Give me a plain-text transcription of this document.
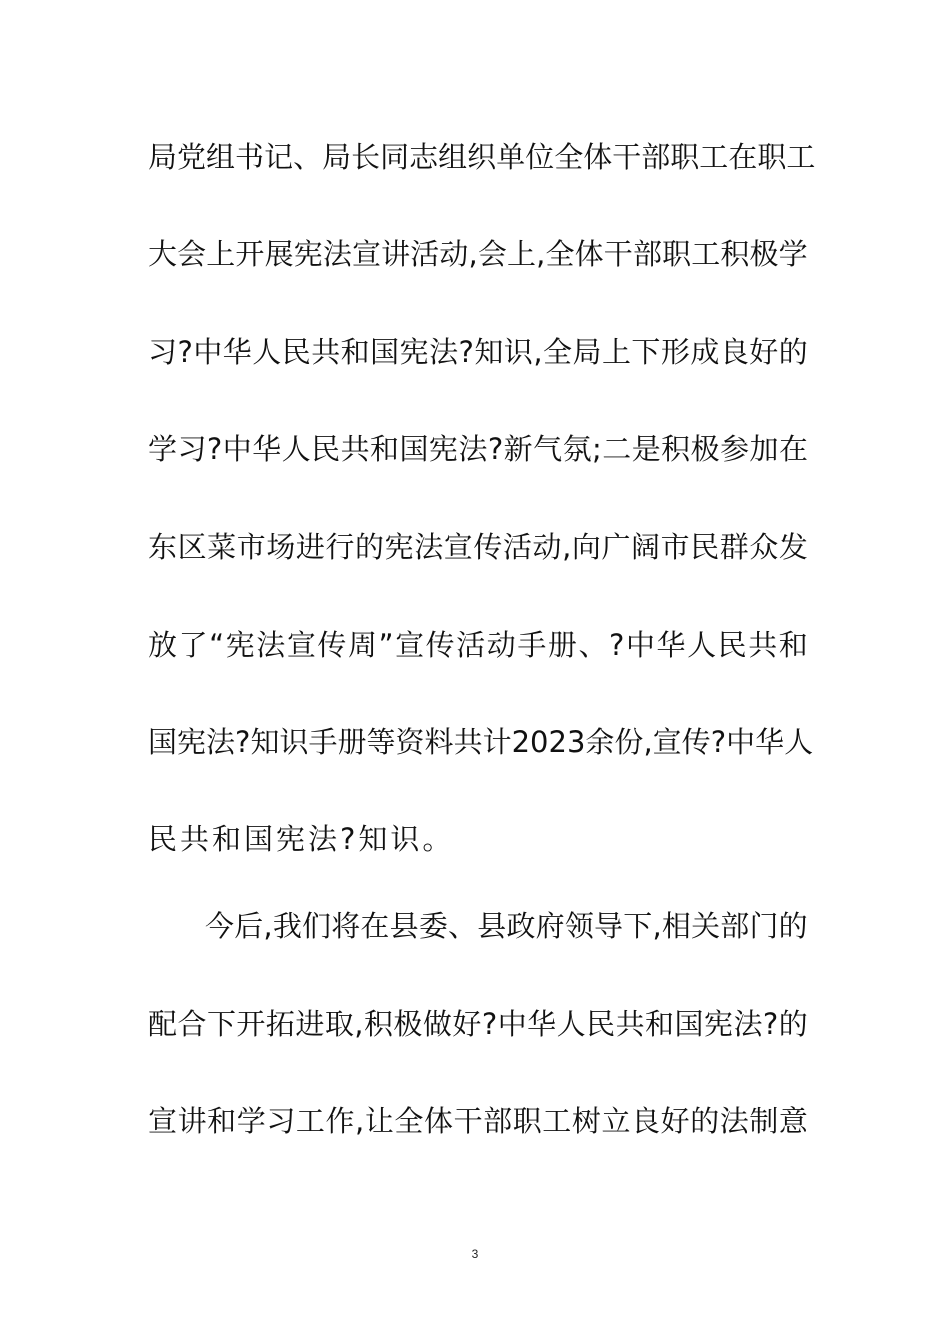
局 党 组 书 记 、 局 长 同 志 组 织 单 位 全 体 干 部 职 工 在 职 工
大 会 上 开 展 宪 法 宣 讲 活 动 , 会 上 , 全 体 干 部 职 工 积 极 学
习 ? 中 华 人 民 共 和 国 宪 法 ? 知 识 , 全 局 上 下 形 成 良 好 的
学 习 ? 中 华 人 民 共 和 国 宪 法 ? 新 气 氛 ; 二 是 积 极 参 加 在
东 区 菜 市 场 进 行 的 宪 法 宣 传 活 动 , 向 广 阔 市 民 群 众 发
放 了 “ 宪 法 宣 传 周 ” 宣 传 活 动 手 册 、 ? 中 华 人 民 共 和
国 宪 法 ? 知 识 手 册 等 资 料 共 计 2023 余 份 , 宣 传 ? 中 华 人
民共和国宪法?知识。
今 后 , 我 们 将 在 县 委 、 县 政 府 领 导 下 , 相 关 部 门 的
配 合 下 开 拓 进 取 , 积 极 做 好 ? 中 华 人 民 共 和 国 宪 法 ? 的
宣 讲 和 学 习 工 作 , 让 全 体 干 部 职 工 树 立 良 好 的 法 制 意
3
